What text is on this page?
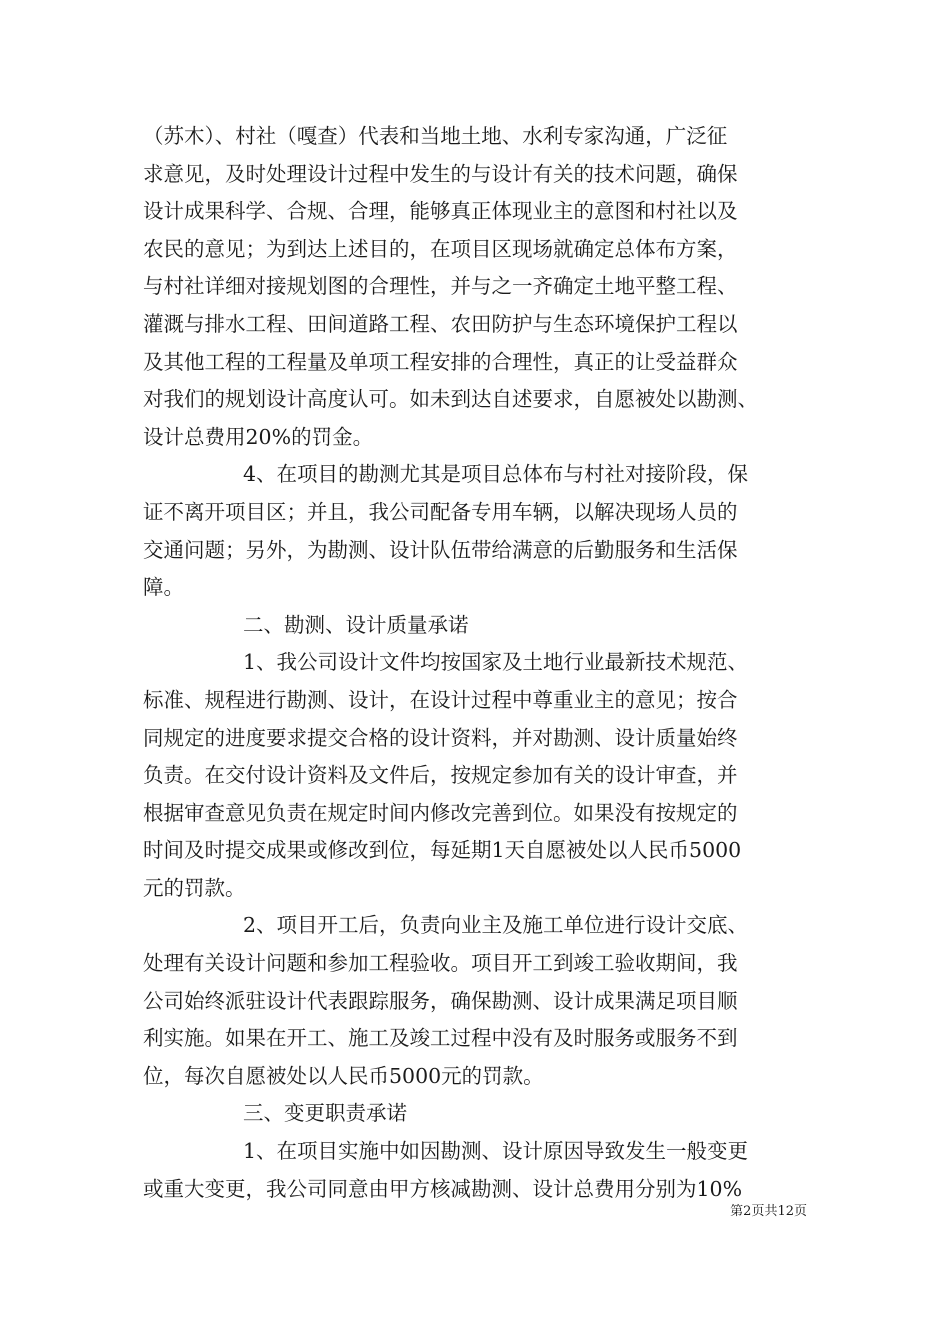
（苏木）、村社（嘎查）代表和当地土地、水利专家沟通，广泛征
求意见，及时处理设计过程中发生的与设计有关的技术问题，确保
设计成果科学、合规、合理，能够真正体现业主的意图和村社以及
农民的意见；为到达上述目的，在项目区现场就确定总体布方案，
与村社详细对接规划图的合理性，并与之一齐确定土地平整工程、
灌溉与排水工程、田间道路工程、农田防护与生态环境保护工程以
及其他工程的工程量及单项工程安排的合理性，真正的让受益群众
对我们的规划设计高度认可。如未到达自述要求，自愿被处以勘测、
设计总费用20%的罚金。
4、在项目的勘测尤其是项目总体布与村社对接阶段，保
证不离开项目区；并且，我公司配备专用车辆，以解决现场人员的
交通问题；另外，为勘测、设计队伍带给满意的后勤服务和生活保
障。
二、勘测、设计质量承诺
1、我公司设计文件均按国家及土地行业最新技术规范、
标准、规程进行勘测、设计，在设计过程中尊重业主的意见；按合
同规定的进度要求提交合格的设计资料，并对勘测、设计质量始终
负责。在交付设计资料及文件后，按规定参加有关的设计审查，并
根据审查意见负责在规定时间内修改完善到位。如果没有按规定的
时间及时提交成果或修改到位，每延期1天自愿被处以人民币5000
元的罚款。
2、项目开工后，负责向业主及施工单位进行设计交底、
处理有关设计问题和参加工程验收。项目开工到竣工验收期间，我
公司始终派驻设计代表跟踪服务，确保勘测、设计成果满足项目顺
利实施。如果在开工、施工及竣工过程中没有及时服务或服务不到
位，每次自愿被处以人民币5000元的罚款。
三、变更职责承诺
1、在项目实施中如因勘测、设计原因导致发生一般变更
或重大变更，我公司同意由甲方核减勘测、设计总费用分别为10%
第2页共12页
